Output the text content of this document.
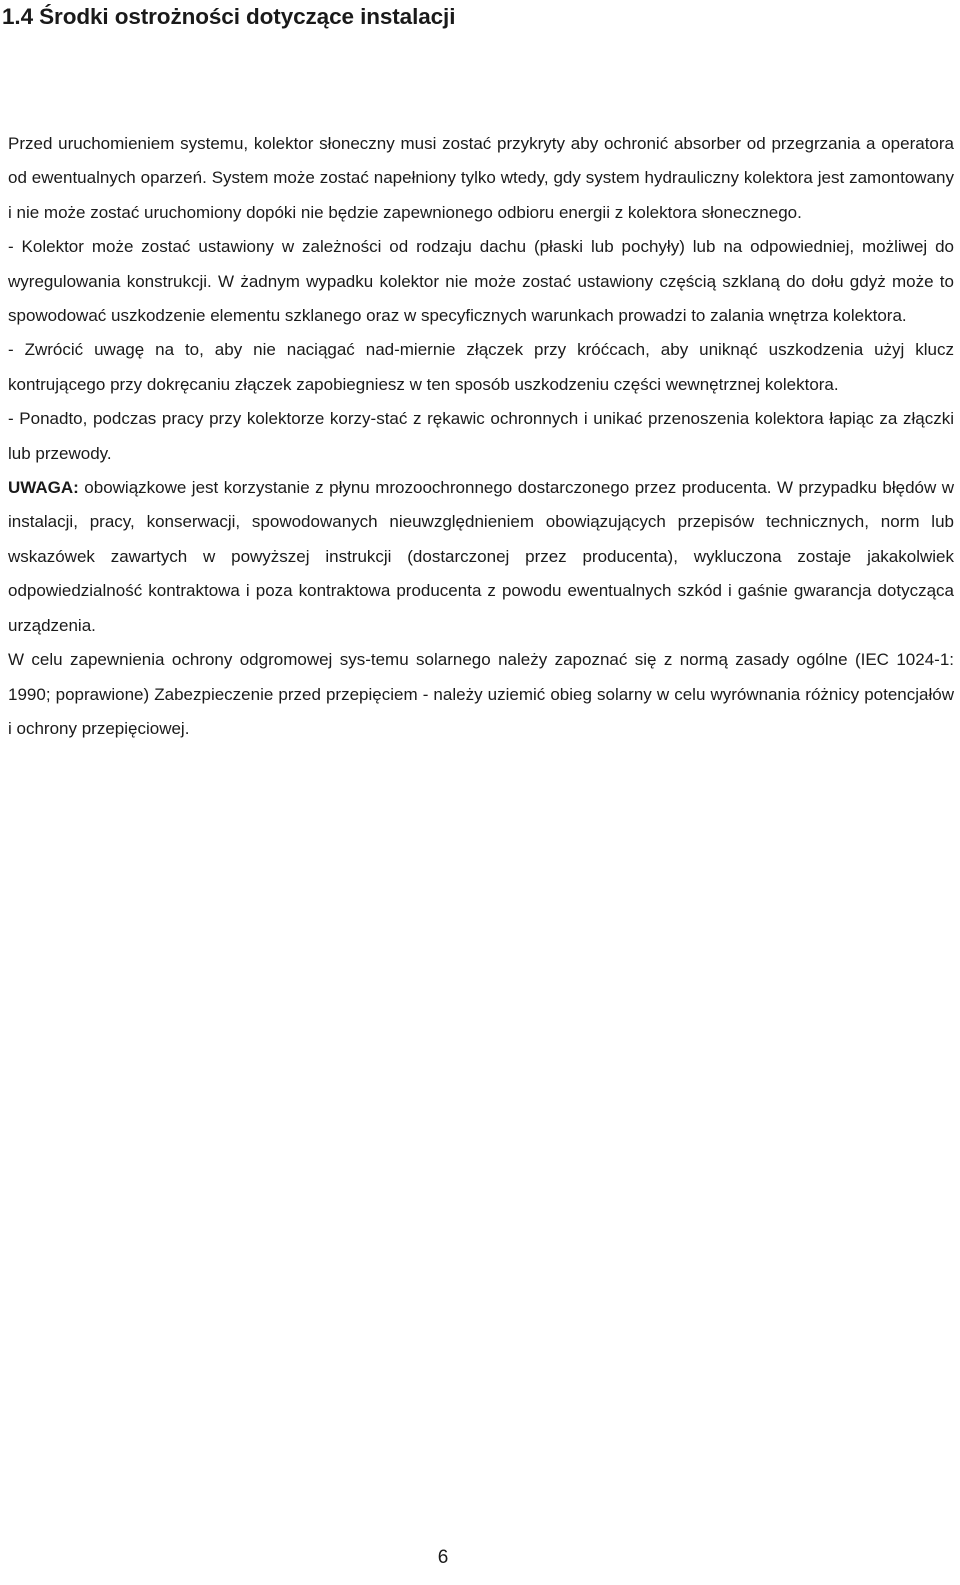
1.4 Środki ostrożności dotyczące instalacji

Przed uruchomieniem systemu, kolektor słoneczny musi zostać przykryty aby ochronić absorber od przegrzania a operatora od ewentualnych oparzeń. System może zostać napełniony tylko wtedy, gdy system hydrauliczny kolektora jest zamontowany i nie może zostać uruchomiony dopóki nie będzie zapewnionego odbioru energii z kolektora słonecznego.

- Kolektor może zostać ustawiony w zależności od rodzaju dachu (płaski lub pochyły) lub na odpowiedniej, możliwej do wyregulowania konstrukcji. W żadnym wypadku kolektor nie może zostać ustawiony częścią szklaną do dołu gdyż może to spowodować uszkodzenie elementu szklanego oraz w specyficznych warunkach prowadzi to zalania wnętrza kolektora.

- Zwrócić uwagę na to, aby nie naciągać nad-miernie złączek przy króćcach, aby uniknąć uszkodzenia użyj klucz kontrującego przy dokręcaniu złączek zapobiegniesz w ten sposób uszkodzeniu części wewnętrznej kolektora.

- Ponadto, podczas pracy przy kolektorze korzy-stać z rękawic ochronnych i unikać przenoszenia kolektora łapiąc za złączki lub przewody.

UWAGA: obowiązkowe jest korzystanie z płynu mrozoochronnego dostarczonego przez producenta. W przypadku błędów w instalacji, pracy, konserwacji, spowodowanych nieuwzględnieniem obowiązujących przepisów technicznych, norm lub wskazówek zawartych w powyższej instrukcji (dostarczonej przez producenta), wykluczona zostaje jakakolwiek odpowiedzialność kontraktowa i poza kontraktowa producenta z powodu ewentualnych szkód i gaśnie gwarancja dotycząca urządzenia.

W celu zapewnienia ochrony odgromowej sys-temu solarnego należy zapoznać się z normą zasady ogólne (IEC 1024-1: 1990; poprawione) Zabezpieczenie przed przepięciem - należy uziemić obieg solarny w celu wyrównania różnicy potencjałów i ochrony przepięciowej.

6
